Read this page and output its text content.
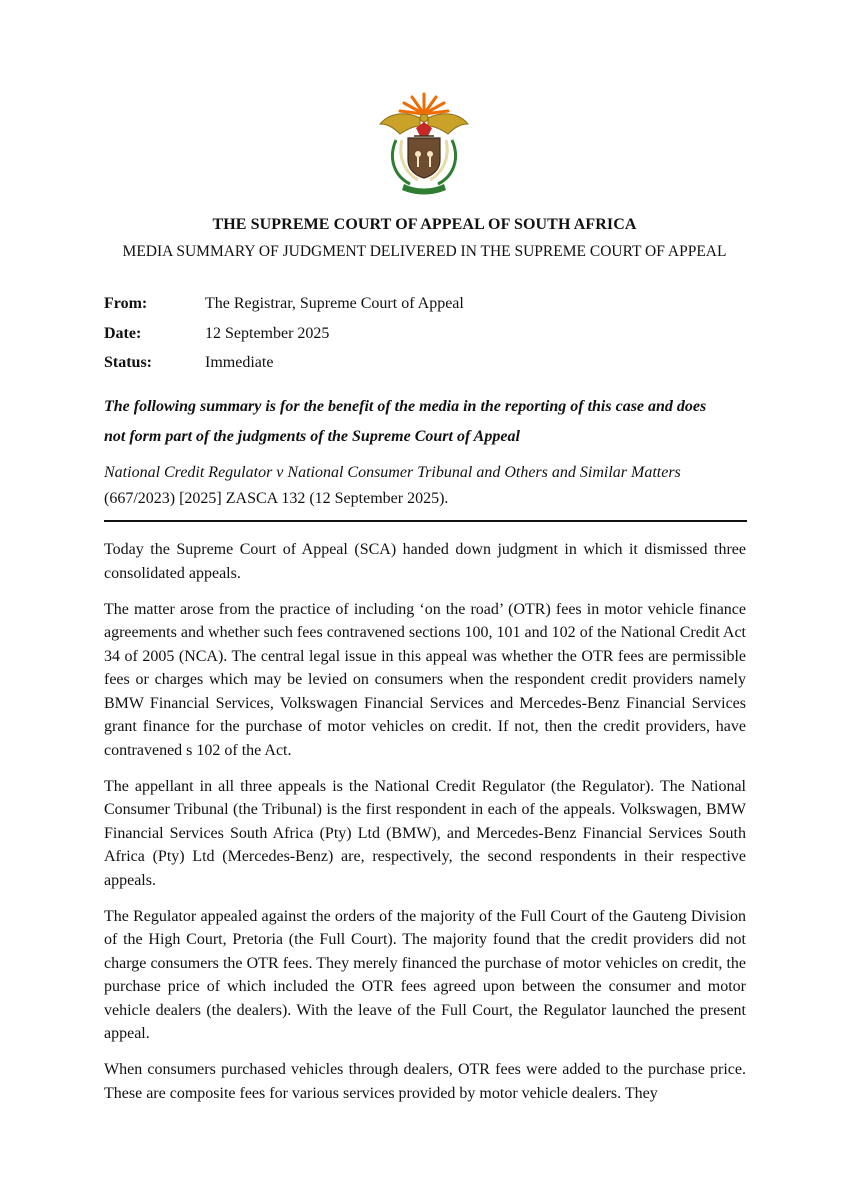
THE SUPREME COURT OF APPEAL OF SOUTH AFRICA
MEDIA SUMMARY OF JUDGMENT DELIVERED IN THE SUPREME COURT OF APPEAL
From:	The Registrar, Supreme Court of Appeal
Date:	12 September 2025
Status:	Immediate
The following summary is for the benefit of the media in the reporting of this case and does
not form part of the judgments of the Supreme Court of Appeal
National Credit Regulator v National Consumer Tribunal and Others and Similar Matters
(667/2023) [2025] ZASCA 132 (12 September 2025).

Today the Supreme Court of Appeal (SCA) handed down judgment in which it dismissed three consolidated appeals.

The matter arose from the practice of including ‘on the road’ (OTR) fees in motor vehicle finance agreements and whether such fees contravened sections 100, 101 and 102 of the National Credit Act 34 of 2005 (NCA). The central legal issue in this appeal was whether the OTR fees are permissible fees or charges which may be levied on consumers when the respondent credit providers namely BMW Financial Services, Volkswagen Financial Services and Mercedes-Benz Financial Services grant finance for the purchase of motor vehicles on credit. If not, then the credit providers, have contravened s 102 of the Act.

The appellant in all three appeals is the National Credit Regulator (the Regulator). The National Consumer Tribunal (the Tribunal) is the first respondent in each of the appeals. Volkswagen, BMW Financial Services South Africa (Pty) Ltd (BMW), and Mercedes-Benz Financial Services South Africa (Pty) Ltd (Mercedes-Benz) are, respectively, the second respondents in their respective appeals.

The Regulator appealed against the orders of the majority of the Full Court of the Gauteng Division of the High Court, Pretoria (the Full Court). The majority found that the credit providers did not charge consumers the OTR fees. They merely financed the purchase of motor vehicles on credit, the purchase price of which included the OTR fees agreed upon between the consumer and motor vehicle dealers (the dealers). With the leave of the Full Court, the Regulator launched the present appeal.

When consumers purchased vehicles through dealers, OTR fees were added to the purchase price. These are composite fees for various services provided by motor vehicle dealers. They
